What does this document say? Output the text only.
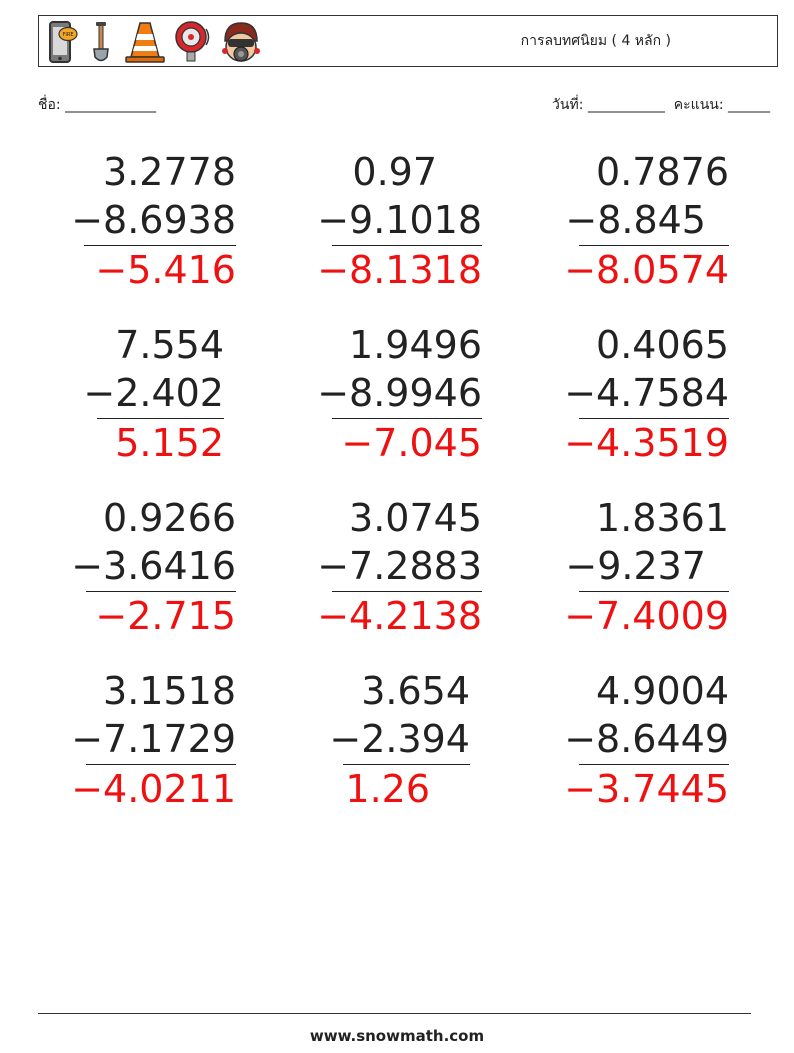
FIRE	การลบทศนิยม ( 4 หลัก )
ชื่อ: _____________	วันที่: ___________ คะแนน: ______
3.2778
−8.6938
−5.416
0.97
−9.1018
−8.1318
0.7876
−8.845
−8.0574
7.554
−2.402
5.152
1.9496
−8.9946
−7.045
0.4065
−4.7584
−4.3519
0.9266
−3.6416
−2.715
3.0745
−7.2883
−4.2138
1.8361
−9.237
−7.4009
3.1518
−7.1729
−4.0211
3.654
−2.394
1.26
4.9004
−8.6449
−3.7445
www.snowmath.com
